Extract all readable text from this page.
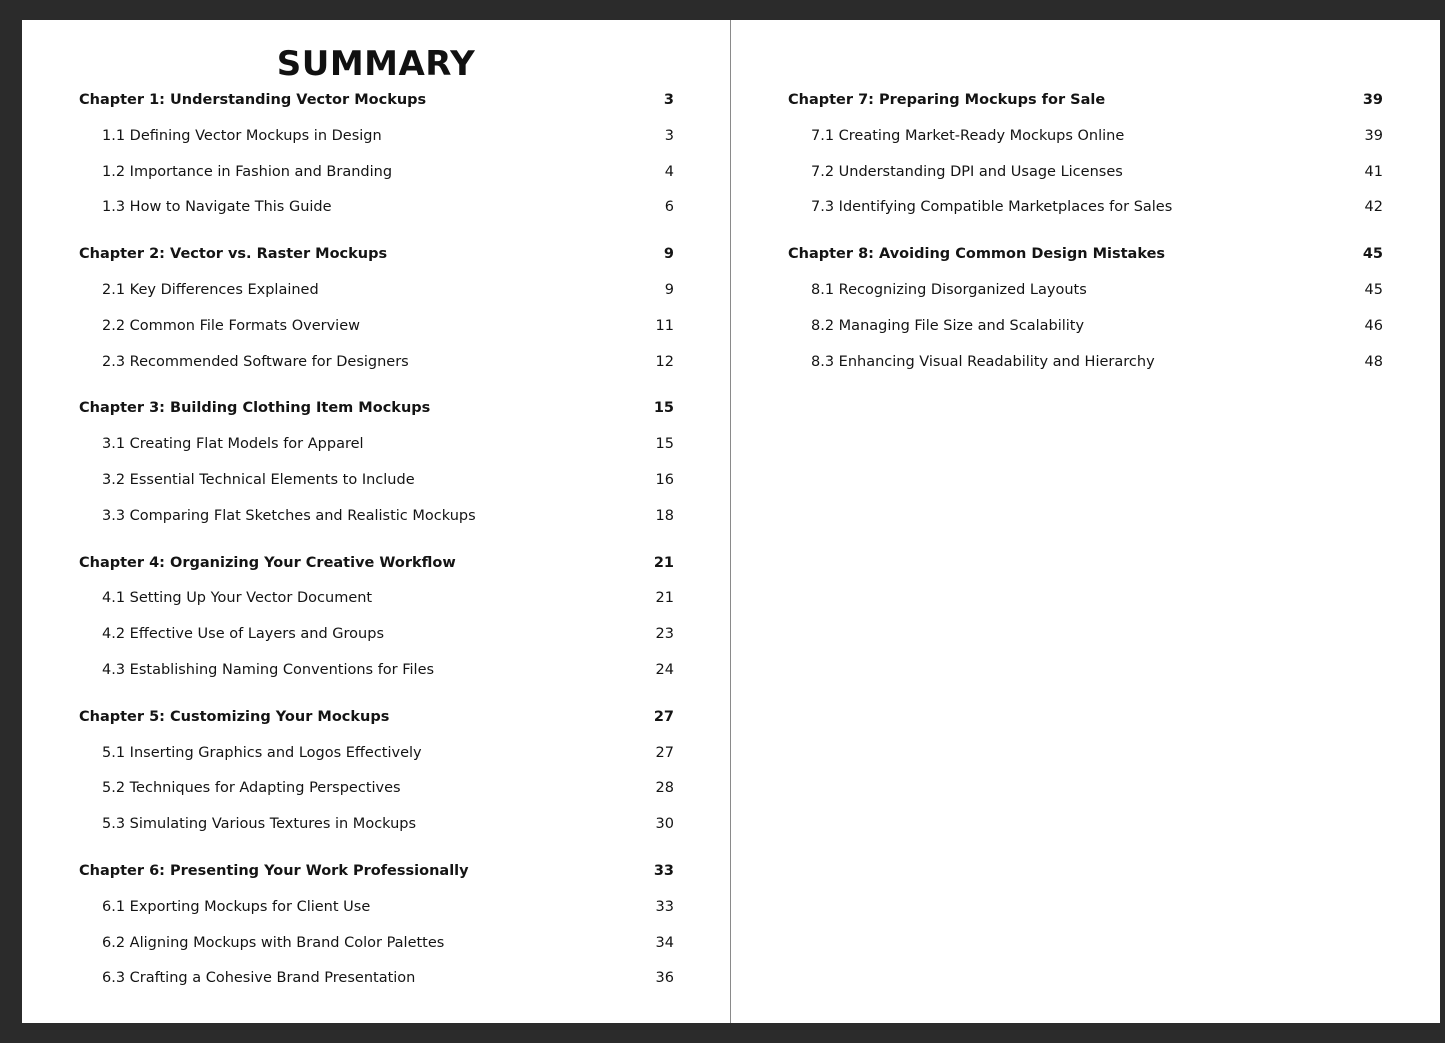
SUMMARY
Chapter 1: Understanding Vector Mockups	3
1.1 Defining Vector Mockups in Design	3
1.2 Importance in Fashion and Branding	4
1.3 How to Navigate This Guide	6
Chapter 2: Vector vs. Raster Mockups	9
2.1 Key Differences Explained	9
2.2 Common File Formats Overview	11
2.3 Recommended Software for Designers	12
Chapter 3: Building Clothing Item Mockups	15
3.1 Creating Flat Models for Apparel	15
3.2 Essential Technical Elements to Include	16
3.3 Comparing Flat Sketches and Realistic Mockups	18
Chapter 4: Organizing Your Creative Workflow	21
4.1 Setting Up Your Vector Document	21
4.2 Effective Use of Layers and Groups	23
4.3 Establishing Naming Conventions for Files	24
Chapter 5: Customizing Your Mockups	27
5.1 Inserting Graphics and Logos Effectively	27
5.2 Techniques for Adapting Perspectives	28
5.3 Simulating Various Textures in Mockups	30
Chapter 6: Presenting Your Work Professionally	33
6.1 Exporting Mockups for Client Use	33
6.2 Aligning Mockups with Brand Color Palettes	34
6.3 Crafting a Cohesive Brand Presentation	36
Chapter 7: Preparing Mockups for Sale	39
7.1 Creating Market-Ready Mockups Online	39
7.2 Understanding DPI and Usage Licenses	41
7.3 Identifying Compatible Marketplaces for Sales	42
Chapter 8: Avoiding Common Design Mistakes	45
8.1 Recognizing Disorganized Layouts	45
8.2 Managing File Size and Scalability	46
8.3 Enhancing Visual Readability and Hierarchy	48
